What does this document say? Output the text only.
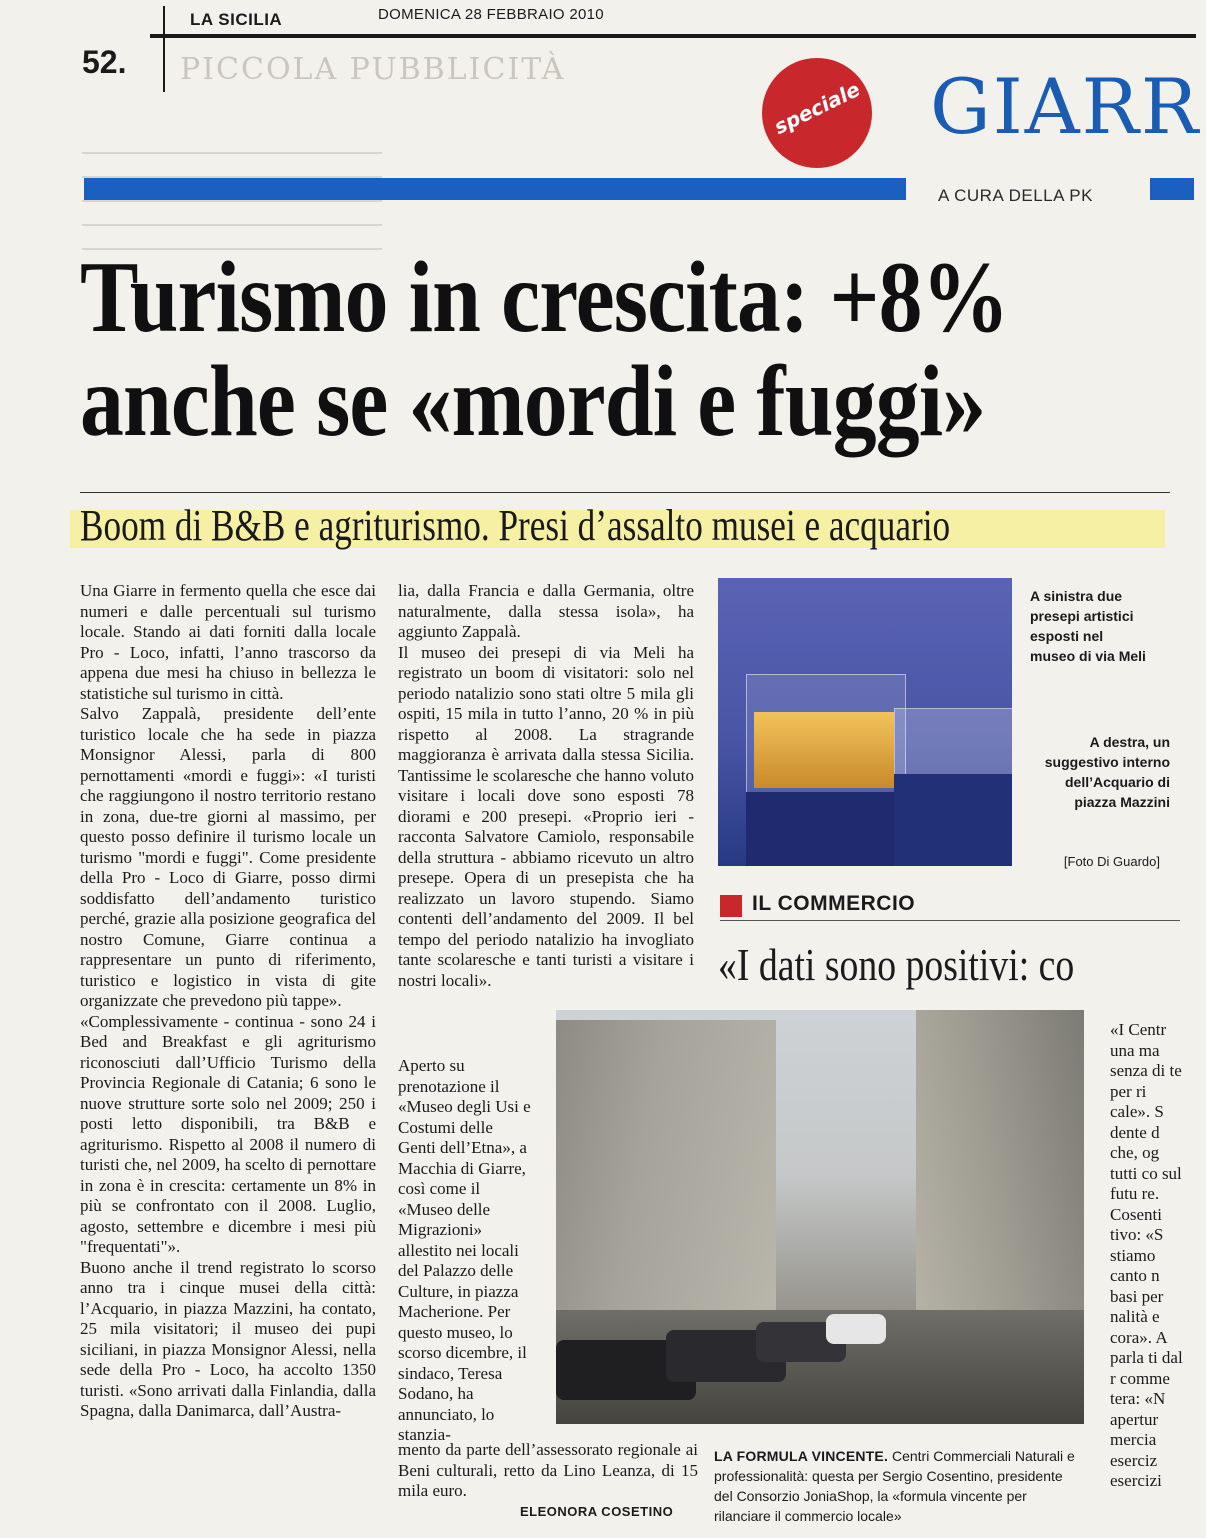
LA SICILIA	DOMENICA 28 FEBBRAIO 2010
52. PICCOLA PUBBLICITÀ
speciale GIARR
A CURA DELLA PK
Turismo in crescita: +8%
anche se «mordi e fuggi»
Boom di B&B e agriturismo. Presi d’assalto musei e acquario

Una Giarre in fermento quella che esce dai numeri e dalle percentuali sul turismo locale. Stando ai dati forniti dalla locale Pro - Loco, infatti, l’anno trascorso da appena due mesi ha chiuso in bellezza le statistiche sul turismo in città.

Salvo Zappalà, presidente dell’ente turistico locale che ha sede in piazza Monsignor Alessi, parla di 800 pernottamenti «mordi e fuggi»: «I turisti che raggiungono il nostro territorio restano in zona, due-tre giorni al massimo, per questo posso definire il turismo locale un turismo "mordi e fuggi". Come presidente della Pro - Loco di Giarre, posso dirmi soddisfatto dell’andamento turistico perché, grazie alla posizione geografica del nostro Comune, Giarre continua a rappresentare un punto di riferimento, turistico e logistico in vista di gite organizzate che prevedono più tappe».

«Complessivamente - continua - sono 24 i Bed and Breakfast e gli agriturismo riconosciuti dall’Ufficio Turismo della Provincia Regionale di Catania; 6 sono le nuove strutture sorte solo nel 2009; 250 i posti letto disponibili, tra B&B e agriturismo. Rispetto al 2008 il numero di turisti che, nel 2009, ha scelto di pernottare in zona è in crescita: certamente un 8% in più se confrontato con il 2008. Luglio, agosto, settembre e dicembre i mesi più "frequentati"».

Buono anche il trend registrato lo scorso anno tra i cinque musei della città: l’Acquario, in piazza Mazzini, ha contato, 25 mila visitatori; il museo dei pupi siciliani, in piazza Monsignor Alessi, nella sede della Pro - Loco, ha accolto 1350 turisti. «Sono arrivati dalla Finlandia, dalla Spagna, dalla Danimarca, dall’Austra-

lia, dalla Francia e dalla Germania, oltre naturalmente, dalla stessa isola», ha aggiunto Zappalà.

Il museo dei presepi di via Meli ha registrato un boom di visitatori: solo nel periodo natalizio sono stati oltre 5 mila gli ospiti, 15 mila in tutto l’anno, 20 % in più rispetto al 2008. La stragrande maggioranza è arrivata dalla stessa Sicilia. Tantissime le scolaresche che hanno voluto visitare i locali dove sono esposti 78 diorami e 200 presepi. «Proprio ieri - racconta Salvatore Camiolo, responsabile della struttura - abbiamo ricevuto un altro presepe. Opera di un presepista che ha realizzato un lavoro stupendo. Siamo contenti dell’andamento del 2009. Il bel tempo del periodo natalizio ha invogliato tante scolaresche e tanti turisti a visitare i nostri locali».

Aperto su prenotazione il «Museo degli Usi e Costumi delle Genti dell’Etna», a Macchia di Giarre, così come il «Museo delle Migrazioni» allestito nei locali del Palazzo delle Culture, in piazza Macherione. Per questo museo, lo scorso dicembre, il sindaco, Teresa Sodano, ha annunciato, lo stanzia-

mento da parte dell’assessorato regionale ai Beni culturali, retto da Lino Leanza, di 15 mila euro.

ELEONORA COSETINO
A sinistra due presepi artistici esposti nel museo di via Meli
A destra, un suggestivo interno dell’Acquario di piazza Mazzini
[Foto Di Guardo]
IL COMMERCIO
«I dati sono positivi: co
LA FORMULA VINCENTE. Centri Commerciali Naturali e professionalità: questa per Sergio Cosentino, presidente del Consorzio JoniaShop, la «formula vincente per rilanciare il commercio locale»
«I Centr una ma senza di te per ri cale». S dente d che, og tutti co sul futu re. Cosenti tivo: «S stiamo canto n basi per nalità e cora». A parla ti dal r comme tera: «N apertur mercia eserciz esercizi
